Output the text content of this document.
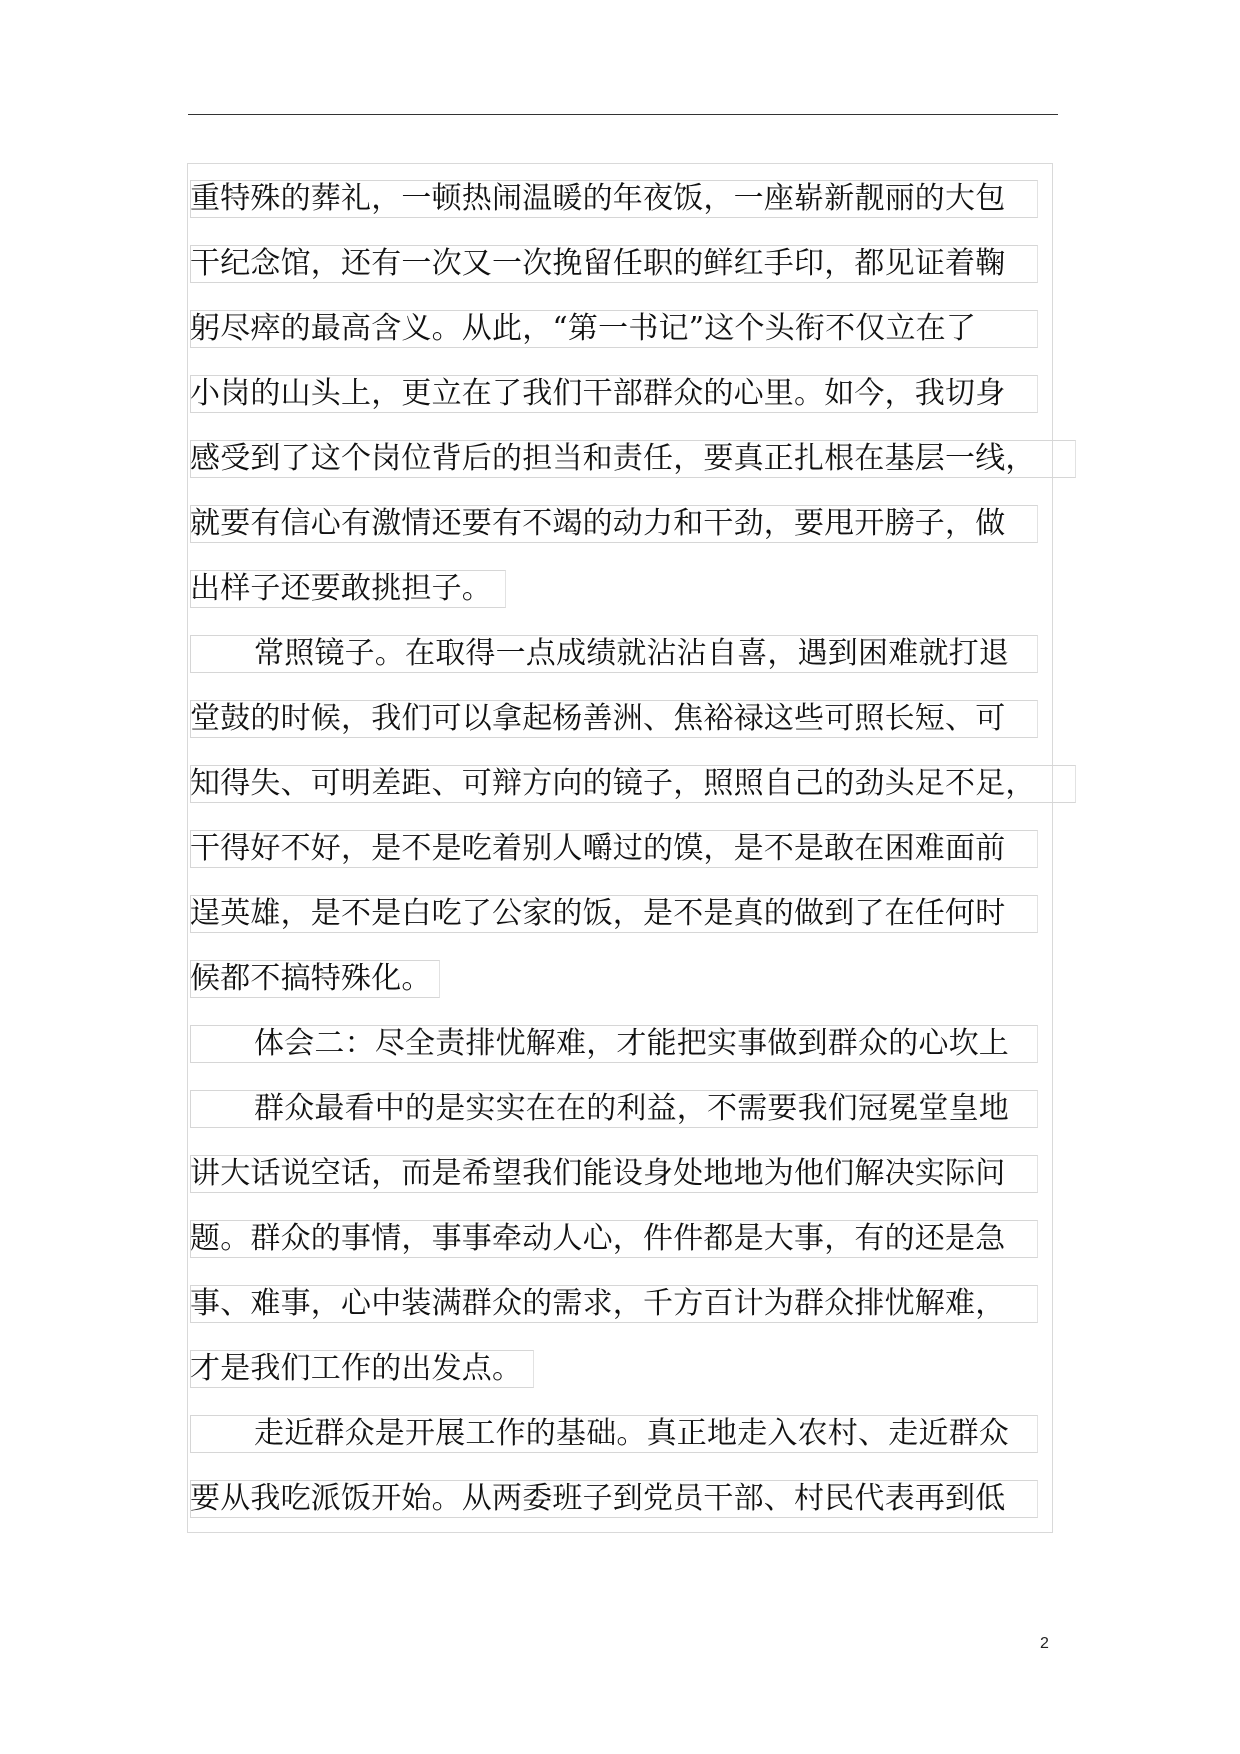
重特殊的葬礼，一顿热闹温暖的年夜饭，一座崭新靓丽的大包
干纪念馆，还有一次又一次挽留任职的鲜红手印，都见证着鞠
躬尽瘁的最高含义。从此，“第一书记”这个头衔不仅立在了
小岗的山头上，更立在了我们干部群众的心里。如今，我切身
感受到了这个岗位背后的担当和责任，要真正扎根在基层一线，
就要有信心有激情还要有不竭的动力和干劲，要甩开膀子，做
出样子还要敢挑担子。
常照镜子。在取得一点成绩就沾沾自喜，遇到困难就打退
堂鼓的时候，我们可以拿起杨善洲、焦裕禄这些可照长短、可
知得失、可明差距、可辩方向的镜子，照照自己的劲头足不足，
干得好不好，是不是吃着别人嚼过的馍，是不是敢在困难面前
逞英雄，是不是白吃了公家的饭，是不是真的做到了在任何时
候都不搞特殊化。
体会二：尽全责排忧解难，才能把实事做到群众的心坎上
群众最看中的是实实在在的利益，不需要我们冠冕堂皇地
讲大话说空话，而是希望我们能设身处地地为他们解决实际问
题。群众的事情，事事牵动人心，件件都是大事，有的还是急
事、难事，心中装满群众的需求，千方百计为群众排忧解难，
才是我们工作的出发点。
走近群众是开展工作的基础。真正地走入农村、走近群众
要从我吃派饭开始。从两委班子到党员干部、村民代表再到低
2
